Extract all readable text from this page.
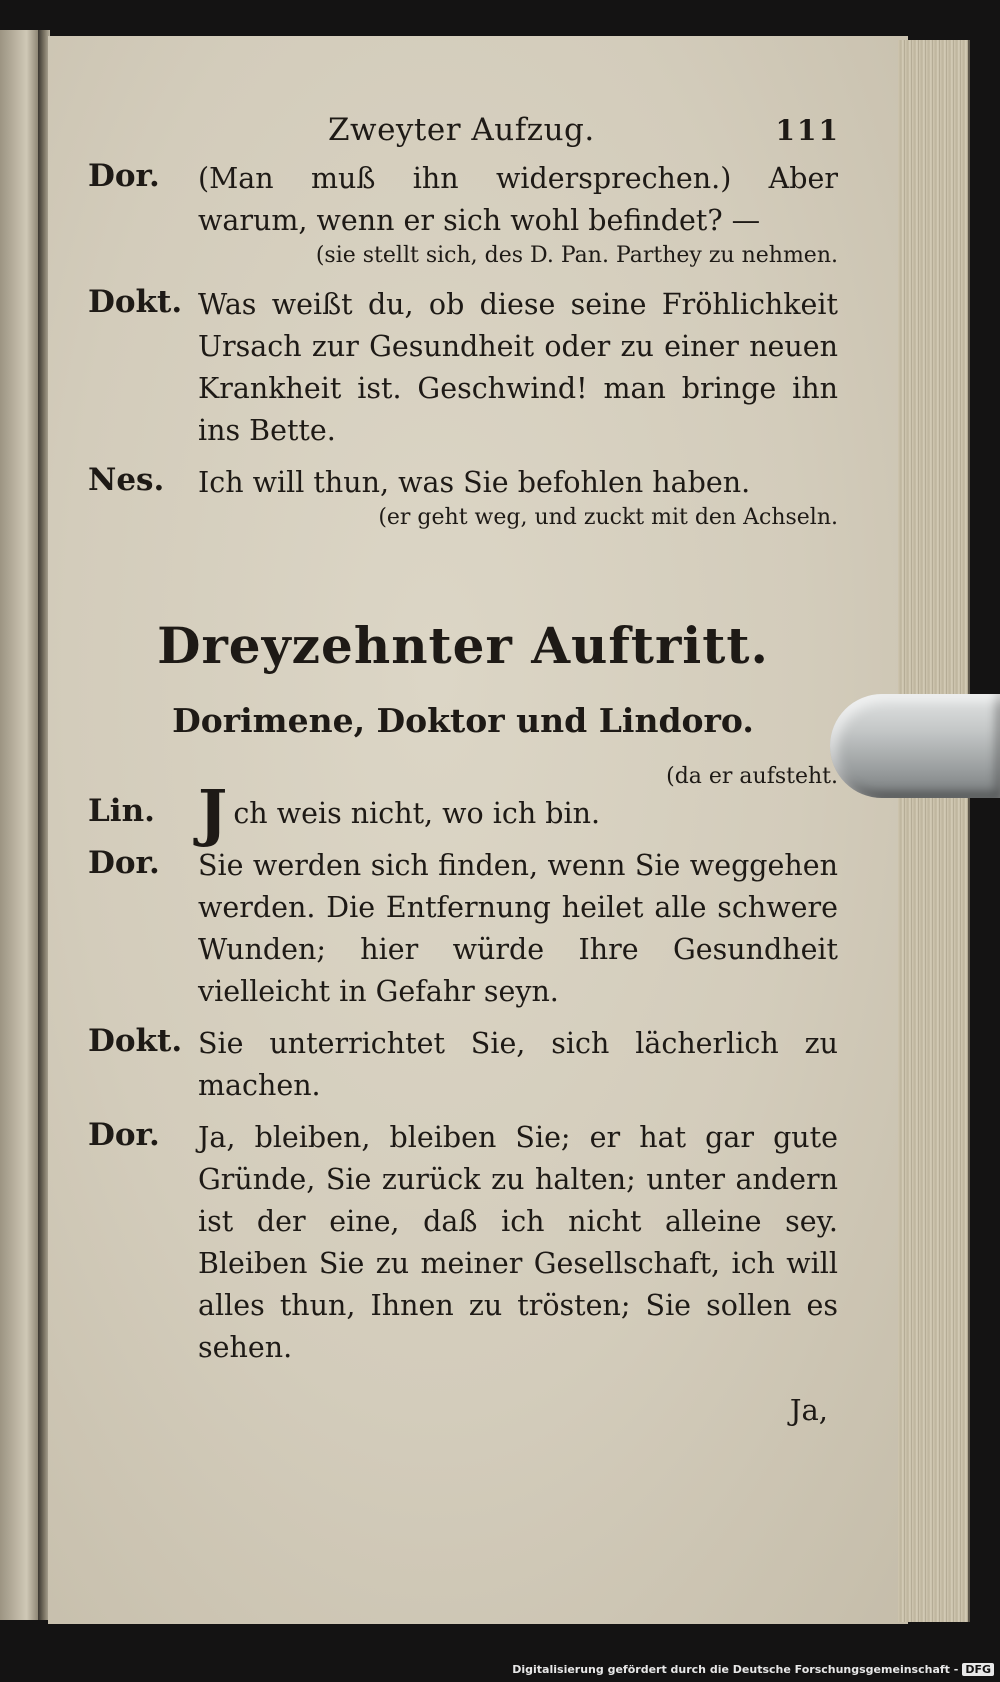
Zweyter Aufzug.	111
Dor. (Man muß ihn widersprechen.) Aber warum, wenn er sich wohl befindet? —
(sie stellt sich, des D. Pan. Parthey zu nehmen.
Dokt. Was weißt du, ob diese seine Fröhlichkeit Ursach zur Gesundheit oder zu einer neuen Krankheit ist. Geschwind! man bringe ihn ins Bette.
Nes. Ich will thun, was Sie befohlen haben.
(er geht weg, und zuckt mit den Achseln.
Dreyzehnter Auftritt.
Dorimene, Doktor und Lindoro.
(da er aufsteht.
Lin. Jch weis nicht, wo ich bin.
Dor. Sie werden sich finden, wenn Sie weggehen werden. Die Entfernung heilet alle schwere Wunden; hier würde Ihre Gesundheit vielleicht in Gefahr seyn.
Dokt. Sie unterrichtet Sie, sich lächerlich zu machen.
Dor. Ja, bleiben, bleiben Sie; er hat gar gute Gründe, Sie zurück zu halten; unter andern ist der eine, daß ich nicht alleine sey. Bleiben Sie zu meiner Gesellschaft, ich will alles thun, Ihnen zu trösten; Sie sollen es sehen.
Ja,
Digitalisierung gefördert durch die Deutsche Forschungsgemeinschaft - DFG
